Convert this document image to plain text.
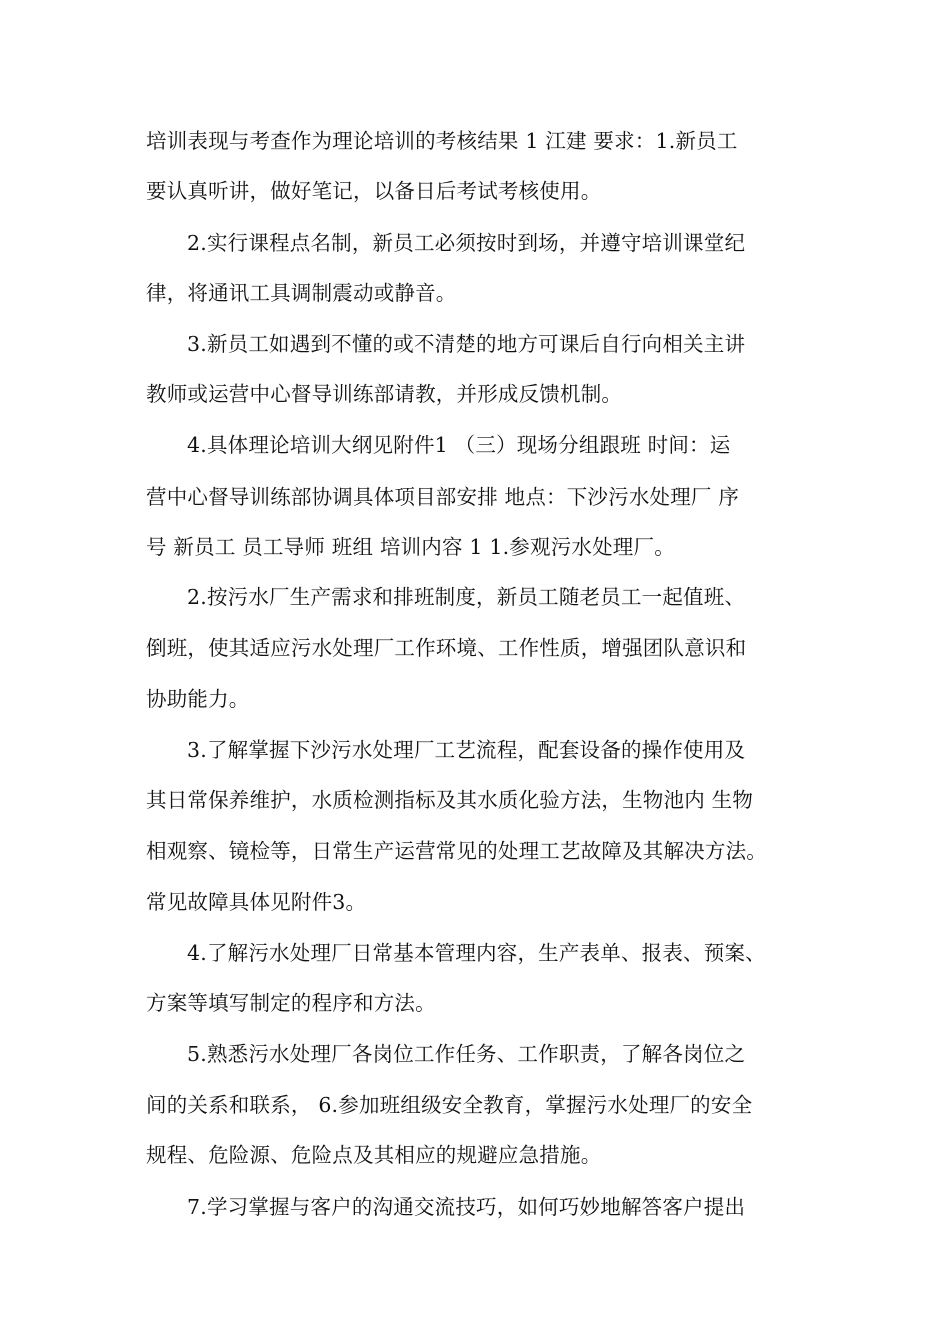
培训表现与考查作为理论培训的考核结果 1 江建 要求：1.新员工
要认真听讲，做好笔记，以备日后考试考核使用。
2.实行课程点名制，新员工必须按时到场，并遵守培训课堂纪
律，将通讯工具调制震动或静音。
3.新员工如遇到不懂的或不清楚的地方可课后自行向相关主讲
教师或运营中心督导训练部请教，并形成反馈机制。
4.具体理论培训大纲见附件1 （三）现场分组跟班 时间：运
营中心督导训练部协调具体项目部安排 地点：下沙污水处理厂 序
号 新员工 员工导师 班组 培训内容 1 1.参观污水处理厂。
2.按污水厂生产需求和排班制度，新员工随老员工一起值班、
倒班，使其适应污水处理厂工作环境、工作性质，增强团队意识和
协助能力。
3.了解掌握下沙污水处理厂工艺流程，配套设备的操作使用及
其日常保养维护，水质检测指标及其水质化验方法，生物池内 生物
相观察、镜检等，日常生产运营常见的处理工艺故障及其解决方法。
常见故障具体见附件3。
4.了解污水处理厂日常基本管理内容，生产表单、报表、预案、
方案等填写制定的程序和方法。
5.熟悉污水处理厂各岗位工作任务、工作职责，了解各岗位之
间的关系和联系， 6.参加班组级安全教育，掌握污水处理厂的安全
规程、危险源、危险点及其相应的规避应急措施。
7.学习掌握与客户的沟通交流技巧，如何巧妙地解答客户提出
